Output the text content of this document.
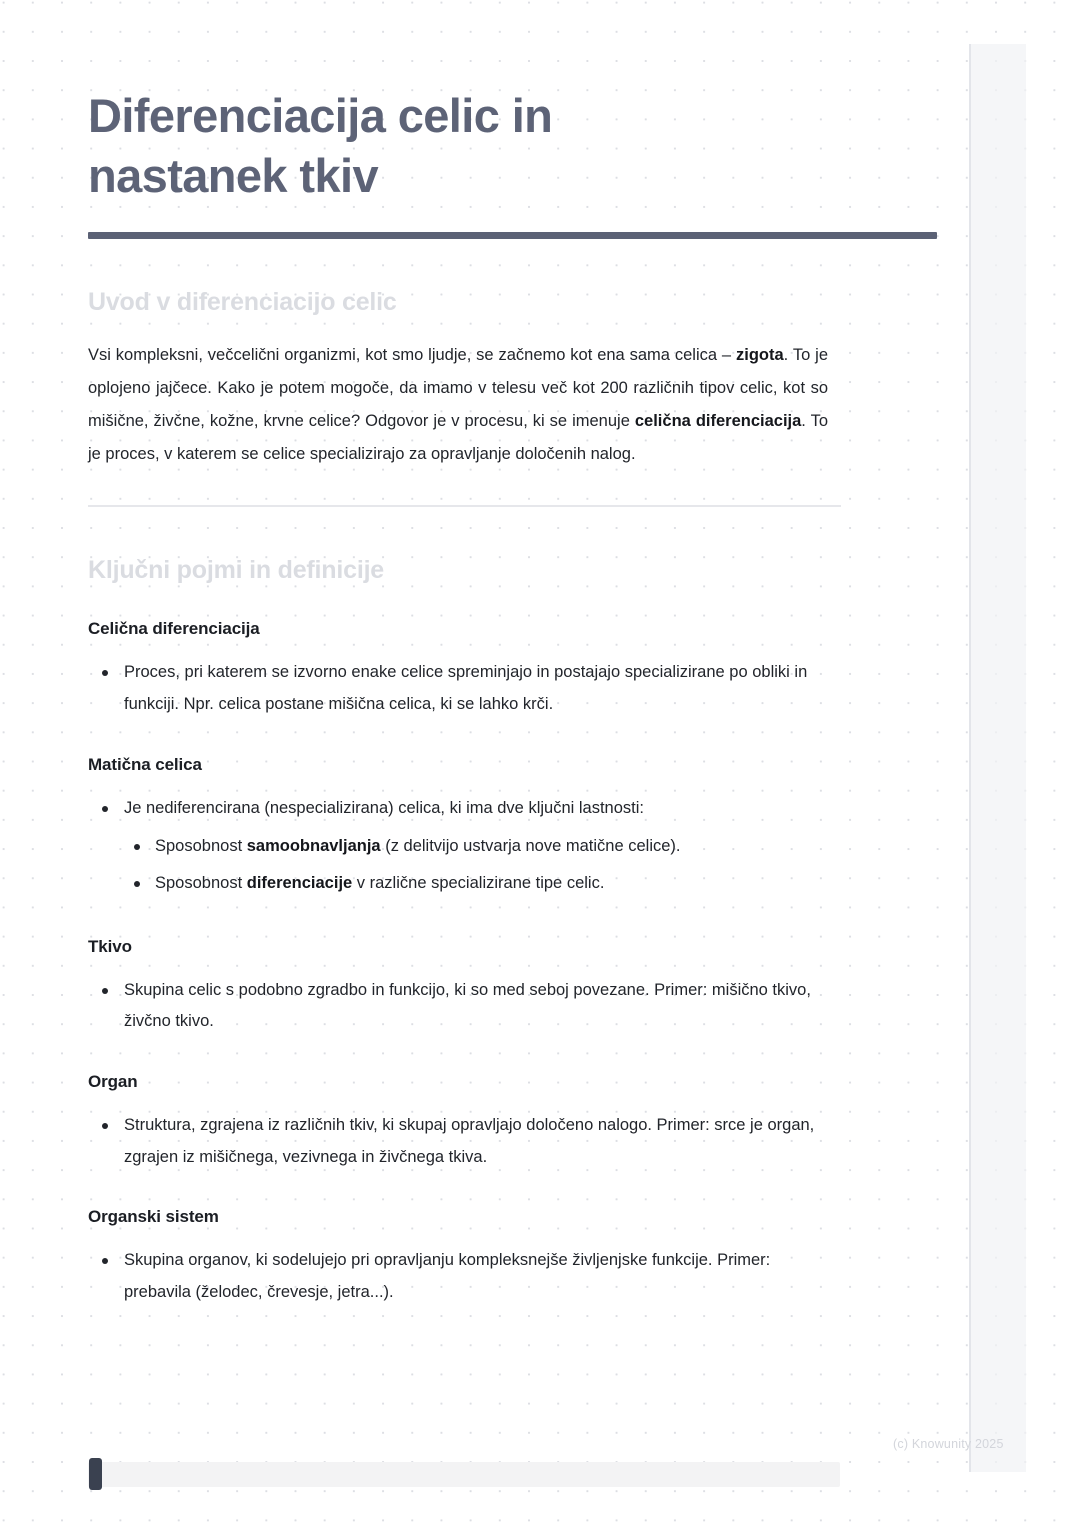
Diferenciacija celic in nastanek tkiv
Uvod v diferenciacijo celic

Vsi kompleksni, večcelični organizmi, kot smo ljudje, se začnemo kot ena sama celica – zigota. To je oplojeno jajčece. Kako je potem mogoče, da imamo v telesu več kot 200 različnih tipov celic, kot so mišične, živčne, kožne, krvne celice? Odgovor je v procesu, ki se imenuje celična diferenciacija. To je proces, v katerem se celice specializirajo za opravljanje določenih nalog.

Ključni pojmi in definicije
Celična diferenciacija
Proces, pri katerem se izvorno enake celice spreminjajo in postajajo specializirane po obliki in funkciji. Npr. celica postane mišična celica, ki se lahko krči.
Matična celica
Je nediferencirana (nespecializirana) celica, ki ima dve ključni lastnosti:
Sposobnost samoobnavljanja (z delitvijo ustvarja nove matične celice).
Sposobnost diferenciacije v različne specializirane tipe celic.
Tkivo
Skupina celic s podobno zgradbo in funkcijo, ki so med seboj povezane. Primer: mišično tkivo, živčno tkivo.
Organ
Struktura, zgrajena iz različnih tkiv, ki skupaj opravljajo določeno nalogo. Primer: srce je organ, zgrajen iz mišičnega, vezivnega in živčnega tkiva.
Organski sistem
Skupina organov, ki sodelujejo pri opravljanju kompleksnejše življenjske funkcije. Primer: prebavila (želodec, črevesje, jetra...).
(c) Knowunity 2025
